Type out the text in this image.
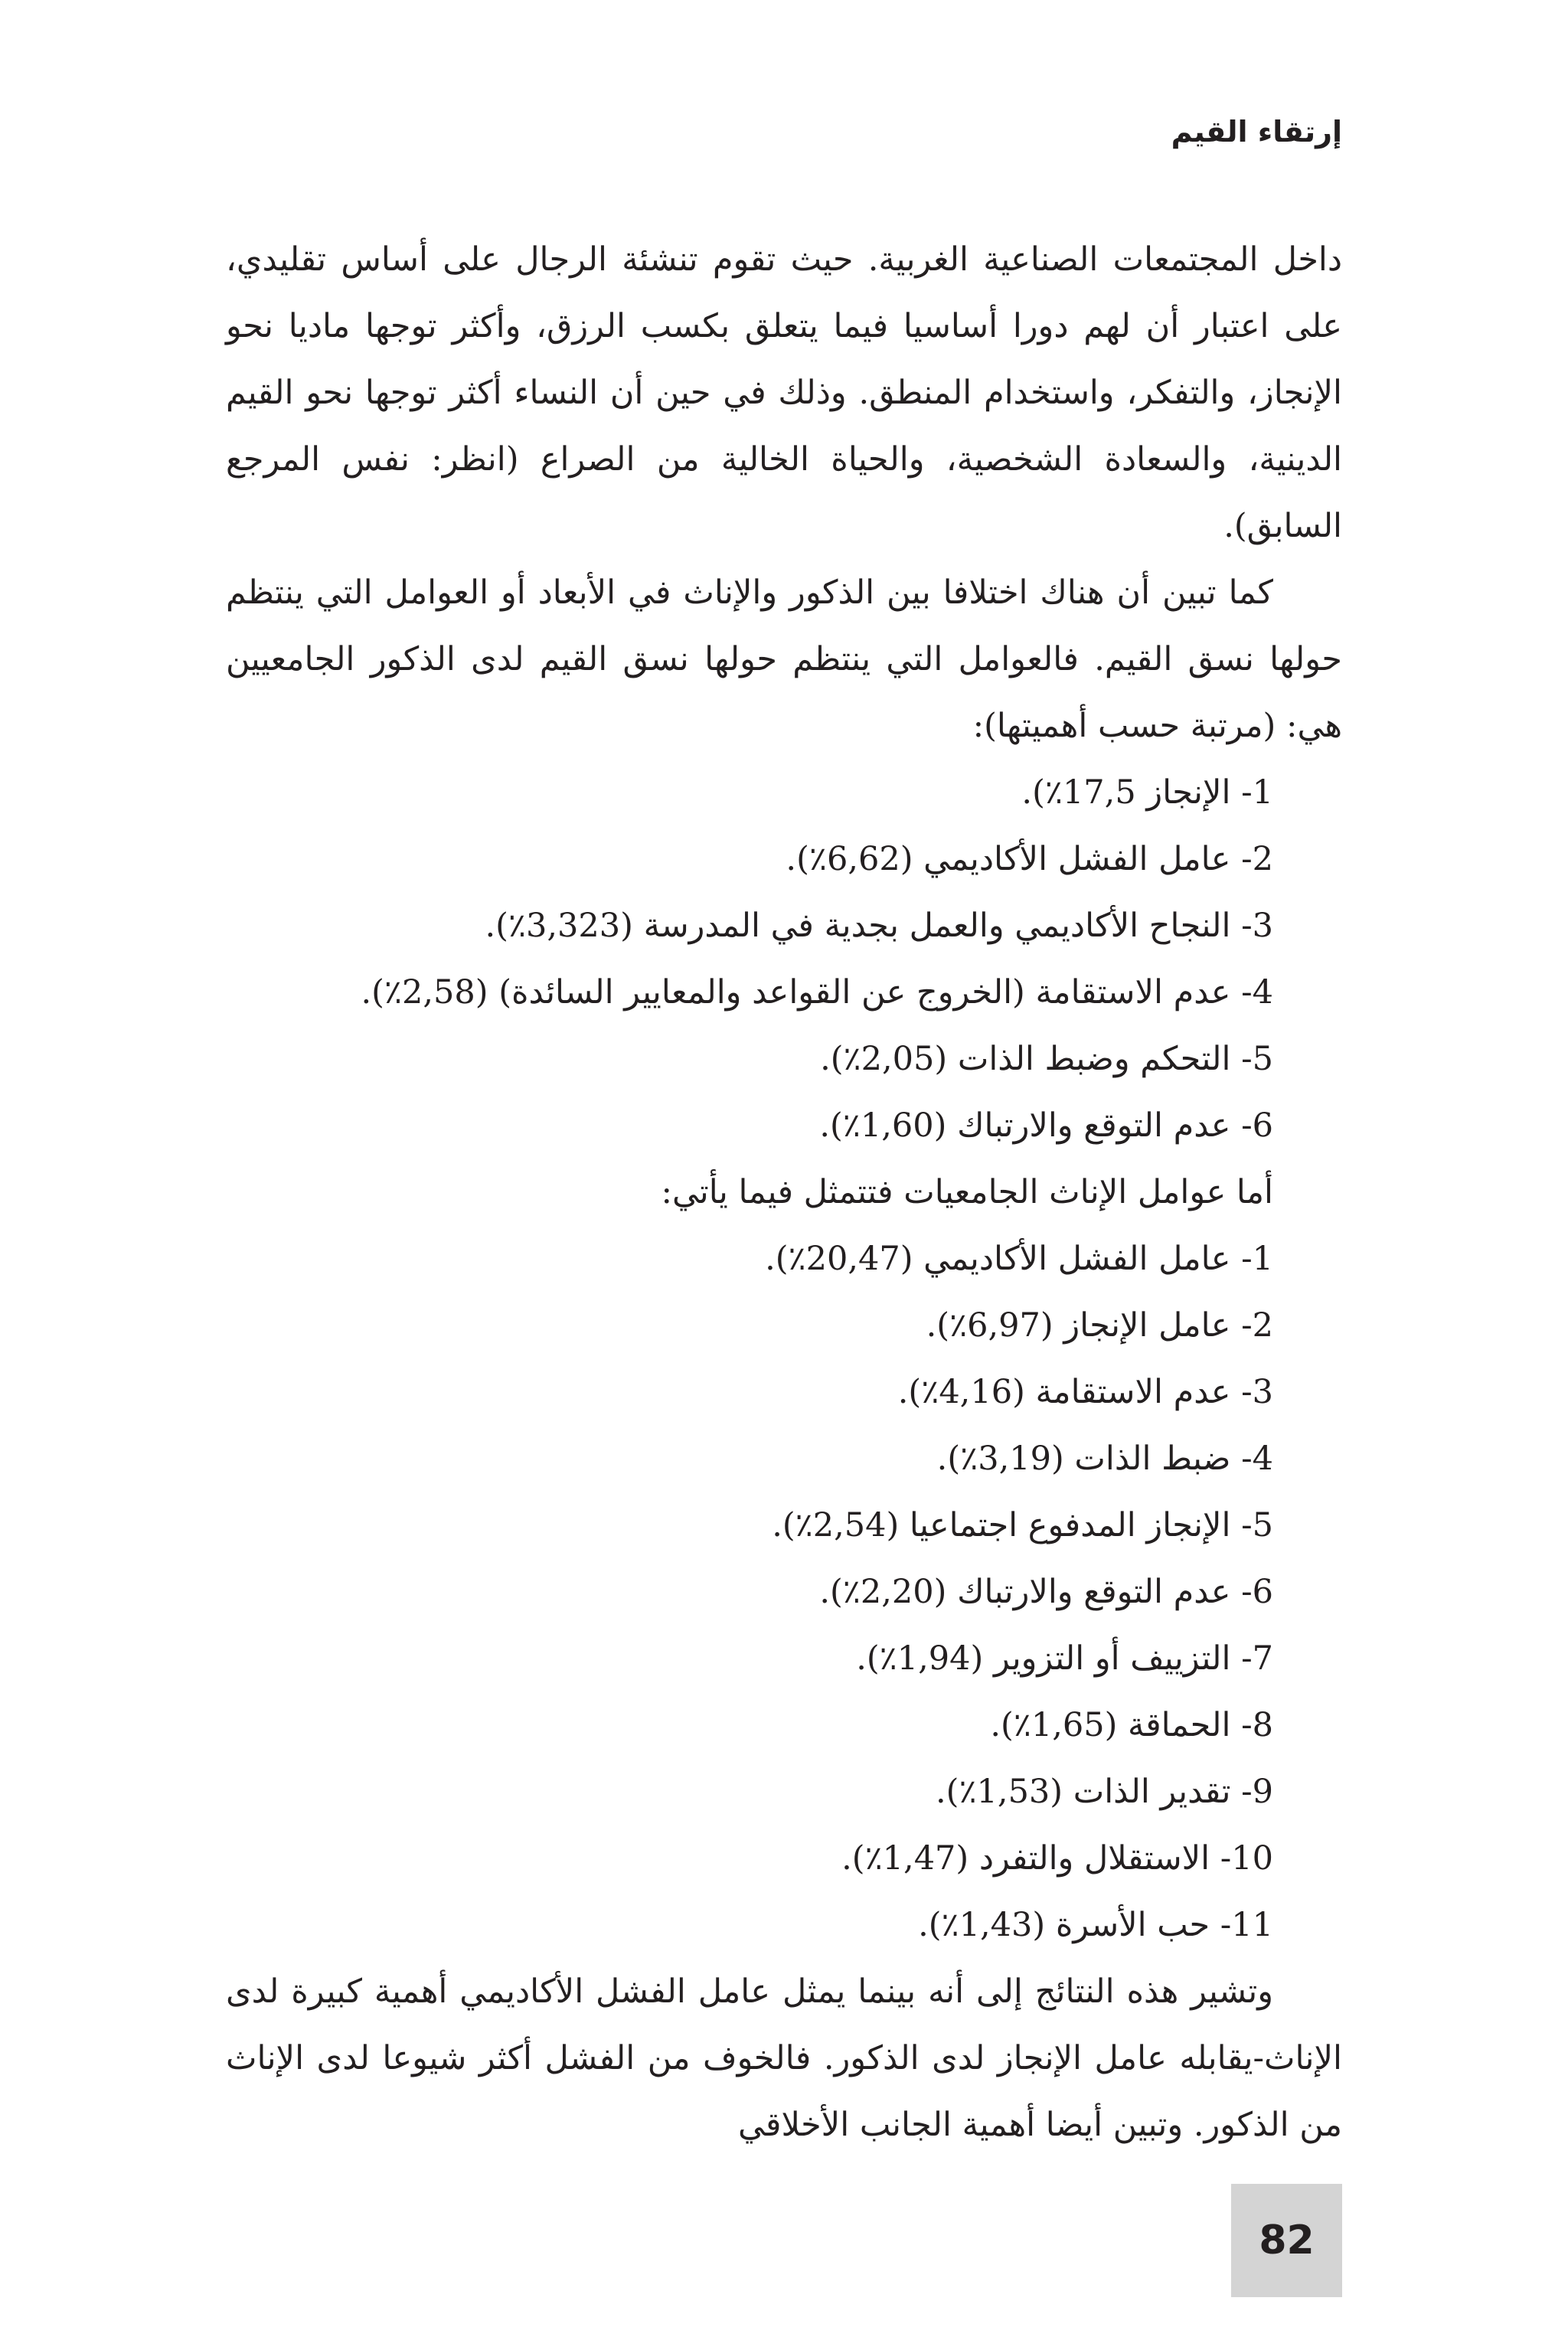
إرتقاء القيم

داخل المجتمعات الصناعية الغربية. حيث تقوم تنشئة الرجال على أساس تقليدي، على اعتبار أن لهم دورا أساسيا فيما يتعلق بكسب الرزق، وأكثر توجها ماديا نحو الإنجاز، والتفكر، واستخدام المنطق. وذلك في حين أن النساء أكثر توجها نحو القيم الدينية، والسعادة الشخصية، والحياة الخالية من الصراع (انظر: نفس المرجع السابق).

كما تبين أن هناك اختلافا بين الذكور والإناث في الأبعاد أو العوامل التي ينتظم حولها نسق القيم. فالعوامل التي ينتظم حولها نسق القيم لدى الذكور الجامعيين هي: (مرتبة حسب أهميتها):

1- الإنجاز 17,5٪).
2- عامل الفشل الأكاديمي (6,62٪).
3- النجاح الأكاديمي والعمل بجدية في المدرسة (3,323٪).
4- عدم الاستقامة (الخروج عن القواعد والمعايير السائدة) (2,58٪).
5- التحكم وضبط الذات (2,05٪).
6- عدم التوقع والارتباك (1,60٪).

أما عوامل الإناث الجامعيات فتتمثل فيما يأتي:

1- عامل الفشل الأكاديمي (20,47٪).
2- عامل الإنجاز (6,97٪).
3- عدم الاستقامة (4,16٪).
4- ضبط الذات (3,19٪).
5- الإنجاز المدفوع اجتماعيا (2,54٪).
6- عدم التوقع والارتباك (2,20٪).
7- التزييف أو التزوير (1,94٪).
8- الحماقة (1,65٪).
9- تقدير الذات (1,53٪).
10- الاستقلال والتفرد (1,47٪).
11- حب الأسرة (1,43٪).

وتشير هذه النتائج إلى أنه بينما يمثل عامل الفشل الأكاديمي أهمية كبيرة لدى الإناث-يقابله عامل الإنجاز لدى الذكور. فالخوف من الفشل أكثر شيوعا لدى الإناث من الذكور. وتبين أيضا أهمية الجانب الأخلاقي

82
